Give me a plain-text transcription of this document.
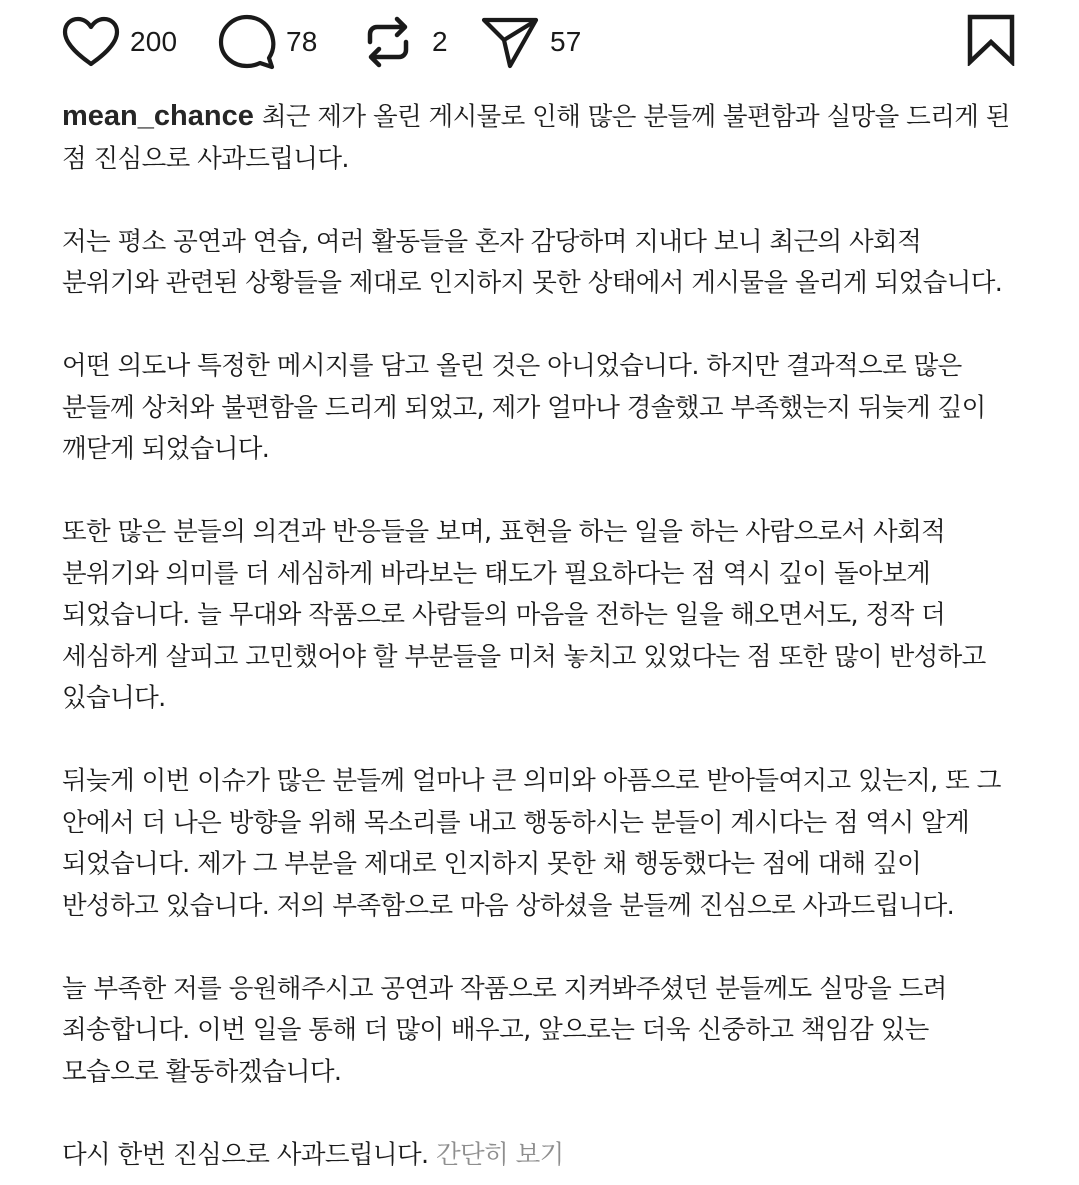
200	78	2	57

mean_chance 최근 제가 올린 게시물로 인해 많은 분들께 불편함과 실망을 드리게 된
점 진심으로 사과드립니다.

저는 평소 공연과 연습, 여러 활동들을 혼자 감당하며 지내다 보니 최근의 사회적
분위기와 관련된 상황들을 제대로 인지하지 못한 상태에서 게시물을 올리게 되었습니다.

어떤 의도나 특정한 메시지를 담고 올린 것은 아니었습니다. 하지만 결과적으로 많은
분들께 상처와 불편함을 드리게 되었고, 제가 얼마나 경솔했고 부족했는지 뒤늦게 깊이
깨닫게 되었습니다.

또한 많은 분들의 의견과 반응들을 보며, 표현을 하는 일을 하는 사람으로서 사회적
분위기와 의미를 더 세심하게 바라보는 태도가 필요하다는 점 역시 깊이 돌아보게
되었습니다. 늘 무대와 작품으로 사람들의 마음을 전하는 일을 해오면서도, 정작 더
세심하게 살피고 고민했어야 할 부분들을 미처 놓치고 있었다는 점 또한 많이 반성하고
있습니다.

뒤늦게 이번 이슈가 많은 분들께 얼마나 큰 의미와 아픔으로 받아들여지고 있는지, 또 그
안에서 더 나은 방향을 위해 목소리를 내고 행동하시는 분들이 계시다는 점 역시 알게
되었습니다. 제가 그 부분을 제대로 인지하지 못한 채 행동했다는 점에 대해 깊이
반성하고 있습니다. 저의 부족함으로 마음 상하셨을 분들께 진심으로 사과드립니다.

늘 부족한 저를 응원해주시고 공연과 작품으로 지켜봐주셨던 분들께도 실망을 드려
죄송합니다. 이번 일을 통해 더 많이 배우고, 앞으로는 더욱 신중하고 책임감 있는
모습으로 활동하겠습니다.

다시 한번 진심으로 사과드립니다. 간단히 보기
